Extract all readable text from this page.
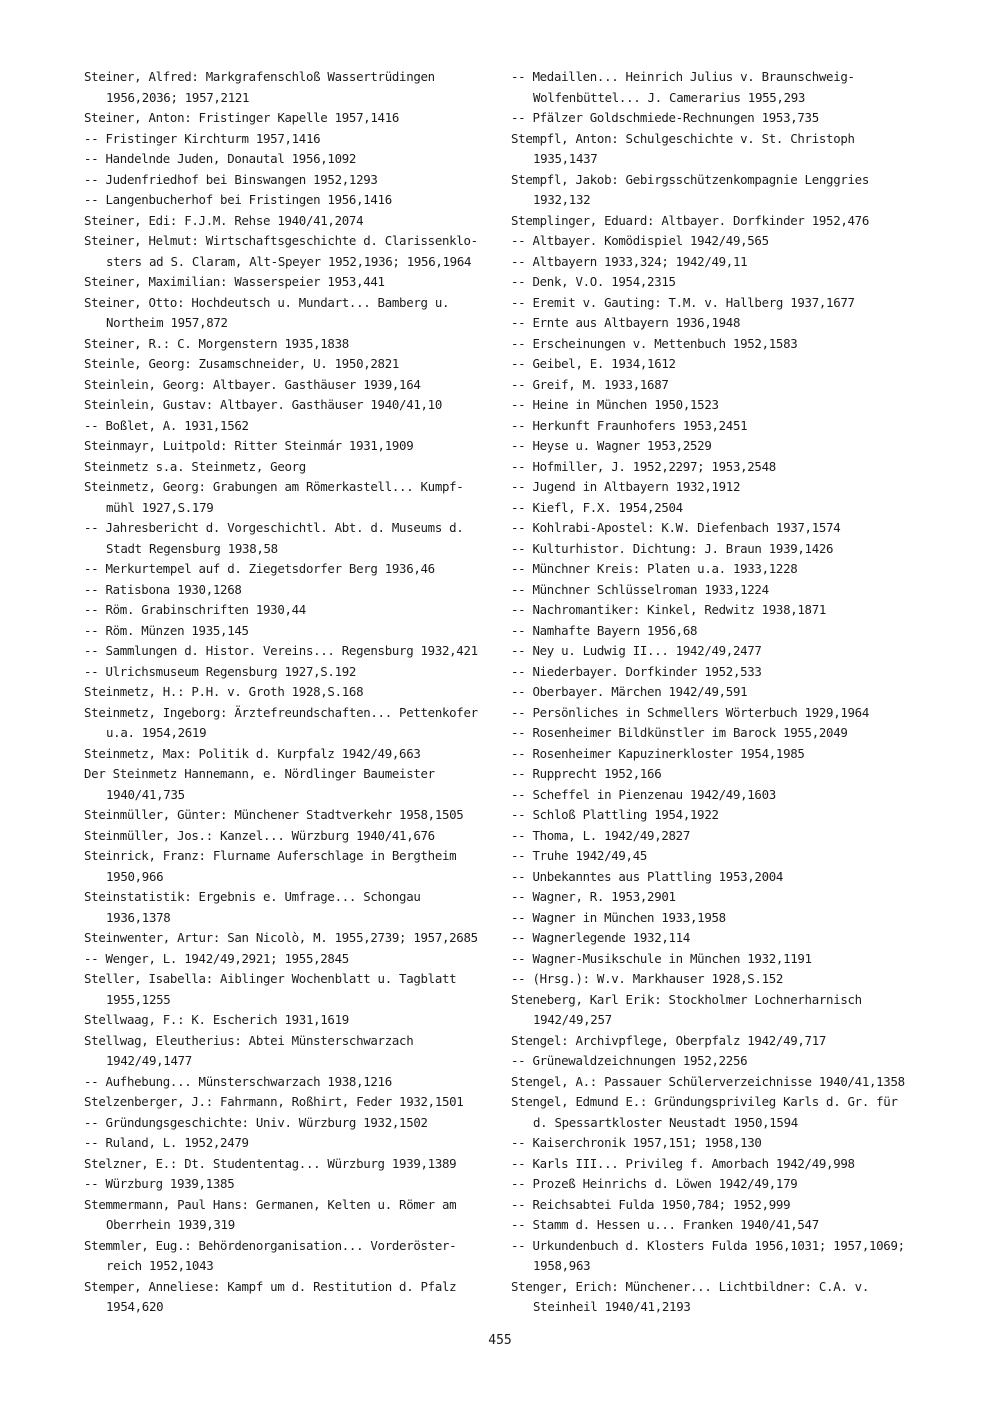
Steiner, Alfred: Markgrafenschloß Wassertrüdingen
1956,2036; 1957,2121
Steiner, Anton: Fristinger Kapelle 1957,1416
-- Fristinger Kirchturm 1957,1416
-- Handelnde Juden, Donautal 1956,1092
-- Judenfriedhof bei Binswangen 1952,1293
-- Langenbucherhof bei Fristingen 1956,1416
Steiner, Edi: F.J.M. Rehse 1940/41,2074
Steiner, Helmut: Wirtschaftsgeschichte d. Clarissenklo-
sters ad S. Claram, Alt-Speyer 1952,1936; 1956,1964
Steiner, Maximilian: Wasserspeier 1953,441
Steiner, Otto: Hochdeutsch u. Mundart... Bamberg u.
Northeim 1957,872
Steiner, R.: C. Morgenstern 1935,1838
Steinle, Georg: Zusamschneider, U. 1950,2821
Steinlein, Georg: Altbayer. Gasthäuser 1939,164
Steinlein, Gustav: Altbayer. Gasthäuser 1940/41,10
-- Boßlet, A. 1931,1562
Steinmayr, Luitpold: Ritter Steinmár 1931,1909
Steinmetz s.a. Steinmetz, Georg
Steinmetz, Georg: Grabungen am Römerkastell... Kumpf-
mühl 1927,S.179
-- Jahresbericht d. Vorgeschichtl. Abt. d. Museums d.
Stadt Regensburg 1938,58
-- Merkurtempel auf d. Ziegetsdorfer Berg 1936,46
-- Ratisbona 1930,1268
-- Röm. Grabinschriften 1930,44
-- Röm. Münzen 1935,145
-- Sammlungen d. Histor. Vereins... Regensburg 1932,421
-- Ulrichsmuseum Regensburg 1927,S.192
Steinmetz, H.: P.H. v. Groth 1928,S.168
Steinmetz, Ingeborg: Ärztefreundschaften... Pettenkofer
u.a. 1954,2619
Steinmetz, Max: Politik d. Kurpfalz 1942/49,663
Der Steinmetz Hannemann, e. Nördlinger Baumeister
1940/41,735
Steinmüller, Günter: Münchener Stadtverkehr 1958,1505
Steinmüller, Jos.: Kanzel... Würzburg 1940/41,676
Steinrick, Franz: Flurname Auferschlage in Bergtheim
1950,966
Steinstatistik: Ergebnis e. Umfrage... Schongau
1936,1378
Steinwenter, Artur: San Nicolò, M. 1955,2739; 1957,2685
-- Wenger, L. 1942/49,2921; 1955,2845
Steller, Isabella: Aiblinger Wochenblatt u. Tagblatt
1955,1255
Stellwaag, F.: K. Escherich 1931,1619
Stellwag, Eleutherius: Abtei Münsterschwarzach
1942/49,1477
-- Aufhebung... Münsterschwarzach 1938,1216
Stelzenberger, J.: Fahrmann, Roßhirt, Feder 1932,1501
-- Gründungsgeschichte: Univ. Würzburg 1932,1502
-- Ruland, L. 1952,2479
Stelzner, E.: Dt. Studententag... Würzburg 1939,1389
-- Würzburg 1939,1385
Stemmermann, Paul Hans: Germanen, Kelten u. Römer am
Oberrhein 1939,319
Stemmler, Eug.: Behördenorganisation... Vorderöster-
reich 1952,1043
Stemper, Anneliese: Kampf um d. Restitution d. Pfalz
1954,620
-- Medaillen... Heinrich Julius v. Braunschweig-
Wolfenbüttel... J. Camerarius 1955,293
-- Pfälzer Goldschmiede-Rechnungen 1953,735
Stempfl, Anton: Schulgeschichte v. St. Christoph
1935,1437
Stempfl, Jakob: Gebirgsschützenkompagnie Lenggries
1932,132
Stemplinger, Eduard: Altbayer. Dorfkinder 1952,476
-- Altbayer. Komödispiel 1942/49,565
-- Altbayern 1933,324; 1942/49,11
-- Denk, V.O. 1954,2315
-- Eremit v. Gauting: T.M. v. Hallberg 1937,1677
-- Ernte aus Altbayern 1936,1948
-- Erscheinungen v. Mettenbuch 1952,1583
-- Geibel, E. 1934,1612
-- Greif, M. 1933,1687
-- Heine in München 1950,1523
-- Herkunft Fraunhofers 1953,2451
-- Heyse u. Wagner 1953,2529
-- Hofmiller, J. 1952,2297; 1953,2548
-- Jugend in Altbayern 1932,1912
-- Kiefl, F.X. 1954,2504
-- Kohlrabi-Apostel: K.W. Diefenbach 1937,1574
-- Kulturhistor. Dichtung: J. Braun 1939,1426
-- Münchner Kreis: Platen u.a. 1933,1228
-- Münchner Schlüsselroman 1933,1224
-- Nachromantiker: Kinkel, Redwitz 1938,1871
-- Namhafte Bayern 1956,68
-- Ney u. Ludwig II... 1942/49,2477
-- Niederbayer. Dorfkinder 1952,533
-- Oberbayer. Märchen 1942/49,591
-- Persönliches in Schmellers Wörterbuch 1929,1964
-- Rosenheimer Bildkünstler im Barock 1955,2049
-- Rosenheimer Kapuzinerkloster 1954,1985
-- Rupprecht 1952,166
-- Scheffel in Pienzenau 1942/49,1603
-- Schloß Plattling 1954,1922
-- Thoma, L. 1942/49,2827
-- Truhe 1942/49,45
-- Unbekanntes aus Plattling 1953,2004
-- Wagner, R. 1953,2901
-- Wagner in München 1933,1958
-- Wagnerlegende 1932,114
-- Wagner-Musikschule in München 1932,1191
-- (Hrsg.): W.v. Markhauser 1928,S.152
Steneberg, Karl Erik: Stockholmer Lochnerharnisch
1942/49,257
Stengel: Archivpflege, Oberpfalz 1942/49,717
-- Grünewaldzeichnungen 1952,2256
Stengel, A.: Passauer Schülerverzeichnisse 1940/41,1358
Stengel, Edmund E.: Gründungsprivileg Karls d. Gr. für
d. Spessartkloster Neustadt 1950,1594
-- Kaiserchronik 1957,151; 1958,130
-- Karls III... Privileg f. Amorbach 1942/49,998
-- Prozeß Heinrichs d. Löwen 1942/49,179
-- Reichsabtei Fulda 1950,784; 1952,999
-- Stamm d. Hessen u... Franken 1940/41,547
-- Urkundenbuch d. Klosters Fulda 1956,1031; 1957,1069;
1958,963
Stenger, Erich: Münchener... Lichtbildner: C.A. v.
Steinheil 1940/41,2193
455
